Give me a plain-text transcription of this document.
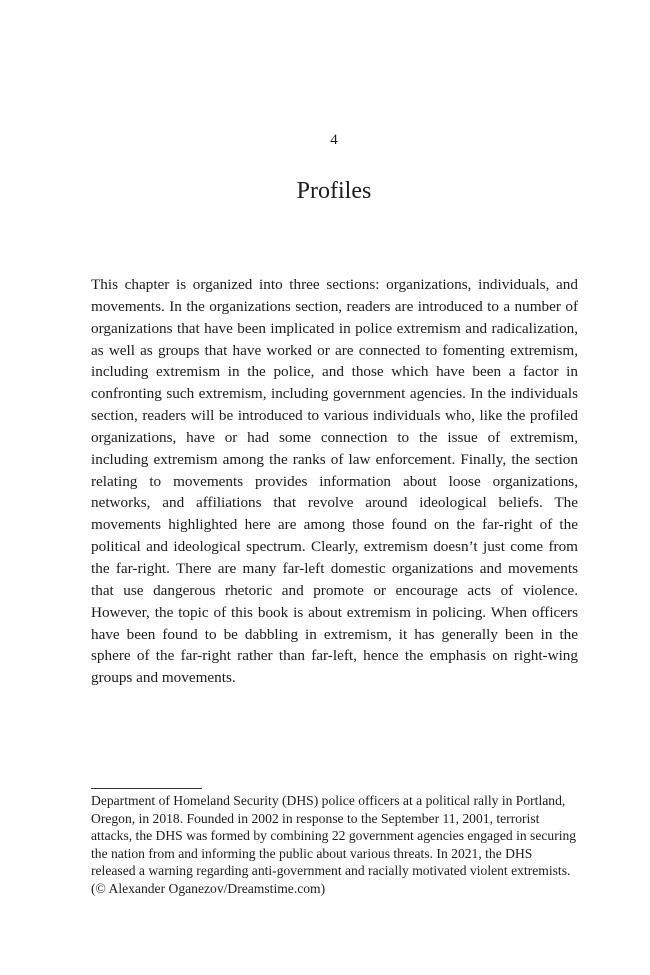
4
Profiles

This chapter is organized into three sections: organizations, individuals, and movements. In the organizations section, readers are introduced to a number of organizations that have been implicated in police extremism and radicalization, as well as groups that have worked or are connected to fomenting extremism, including extremism in the police, and those which have been a factor in confronting such extremism, including government agencies. In the individuals section, readers will be introduced to various individuals who, like the profiled organizations, have or had some connection to the issue of extremism, including extremism among the ranks of law enforcement. Finally, the section relating to movements provides information about loose organizations, networks, and affiliations that revolve around ideological beliefs. The movements highlighted here are among those found on the far-right of the political and ideological spectrum. Clearly, extremism doesn’t just come from the far-right. There are many far-left domestic organizations and movements that use dangerous rhetoric and promote or encourage acts of violence. However, the topic of this book is about extremism in policing. When officers have been found to be dabbling in extremism, it has generally been in the sphere of the far-right rather than far-left, hence the emphasis on right-wing groups and movements.

Department of Homeland Security (DHS) police officers at a political rally in Portland, Oregon, in 2018. Founded in 2002 in response to the September 11, 2001, terrorist attacks, the DHS was formed by combining 22 government agencies engaged in securing the nation from and informing the public about various threats. In 2021, the DHS released a warning regarding anti-government and racially motivated violent extremists. (© Alexander Oganezov/Dreamstime.com)
